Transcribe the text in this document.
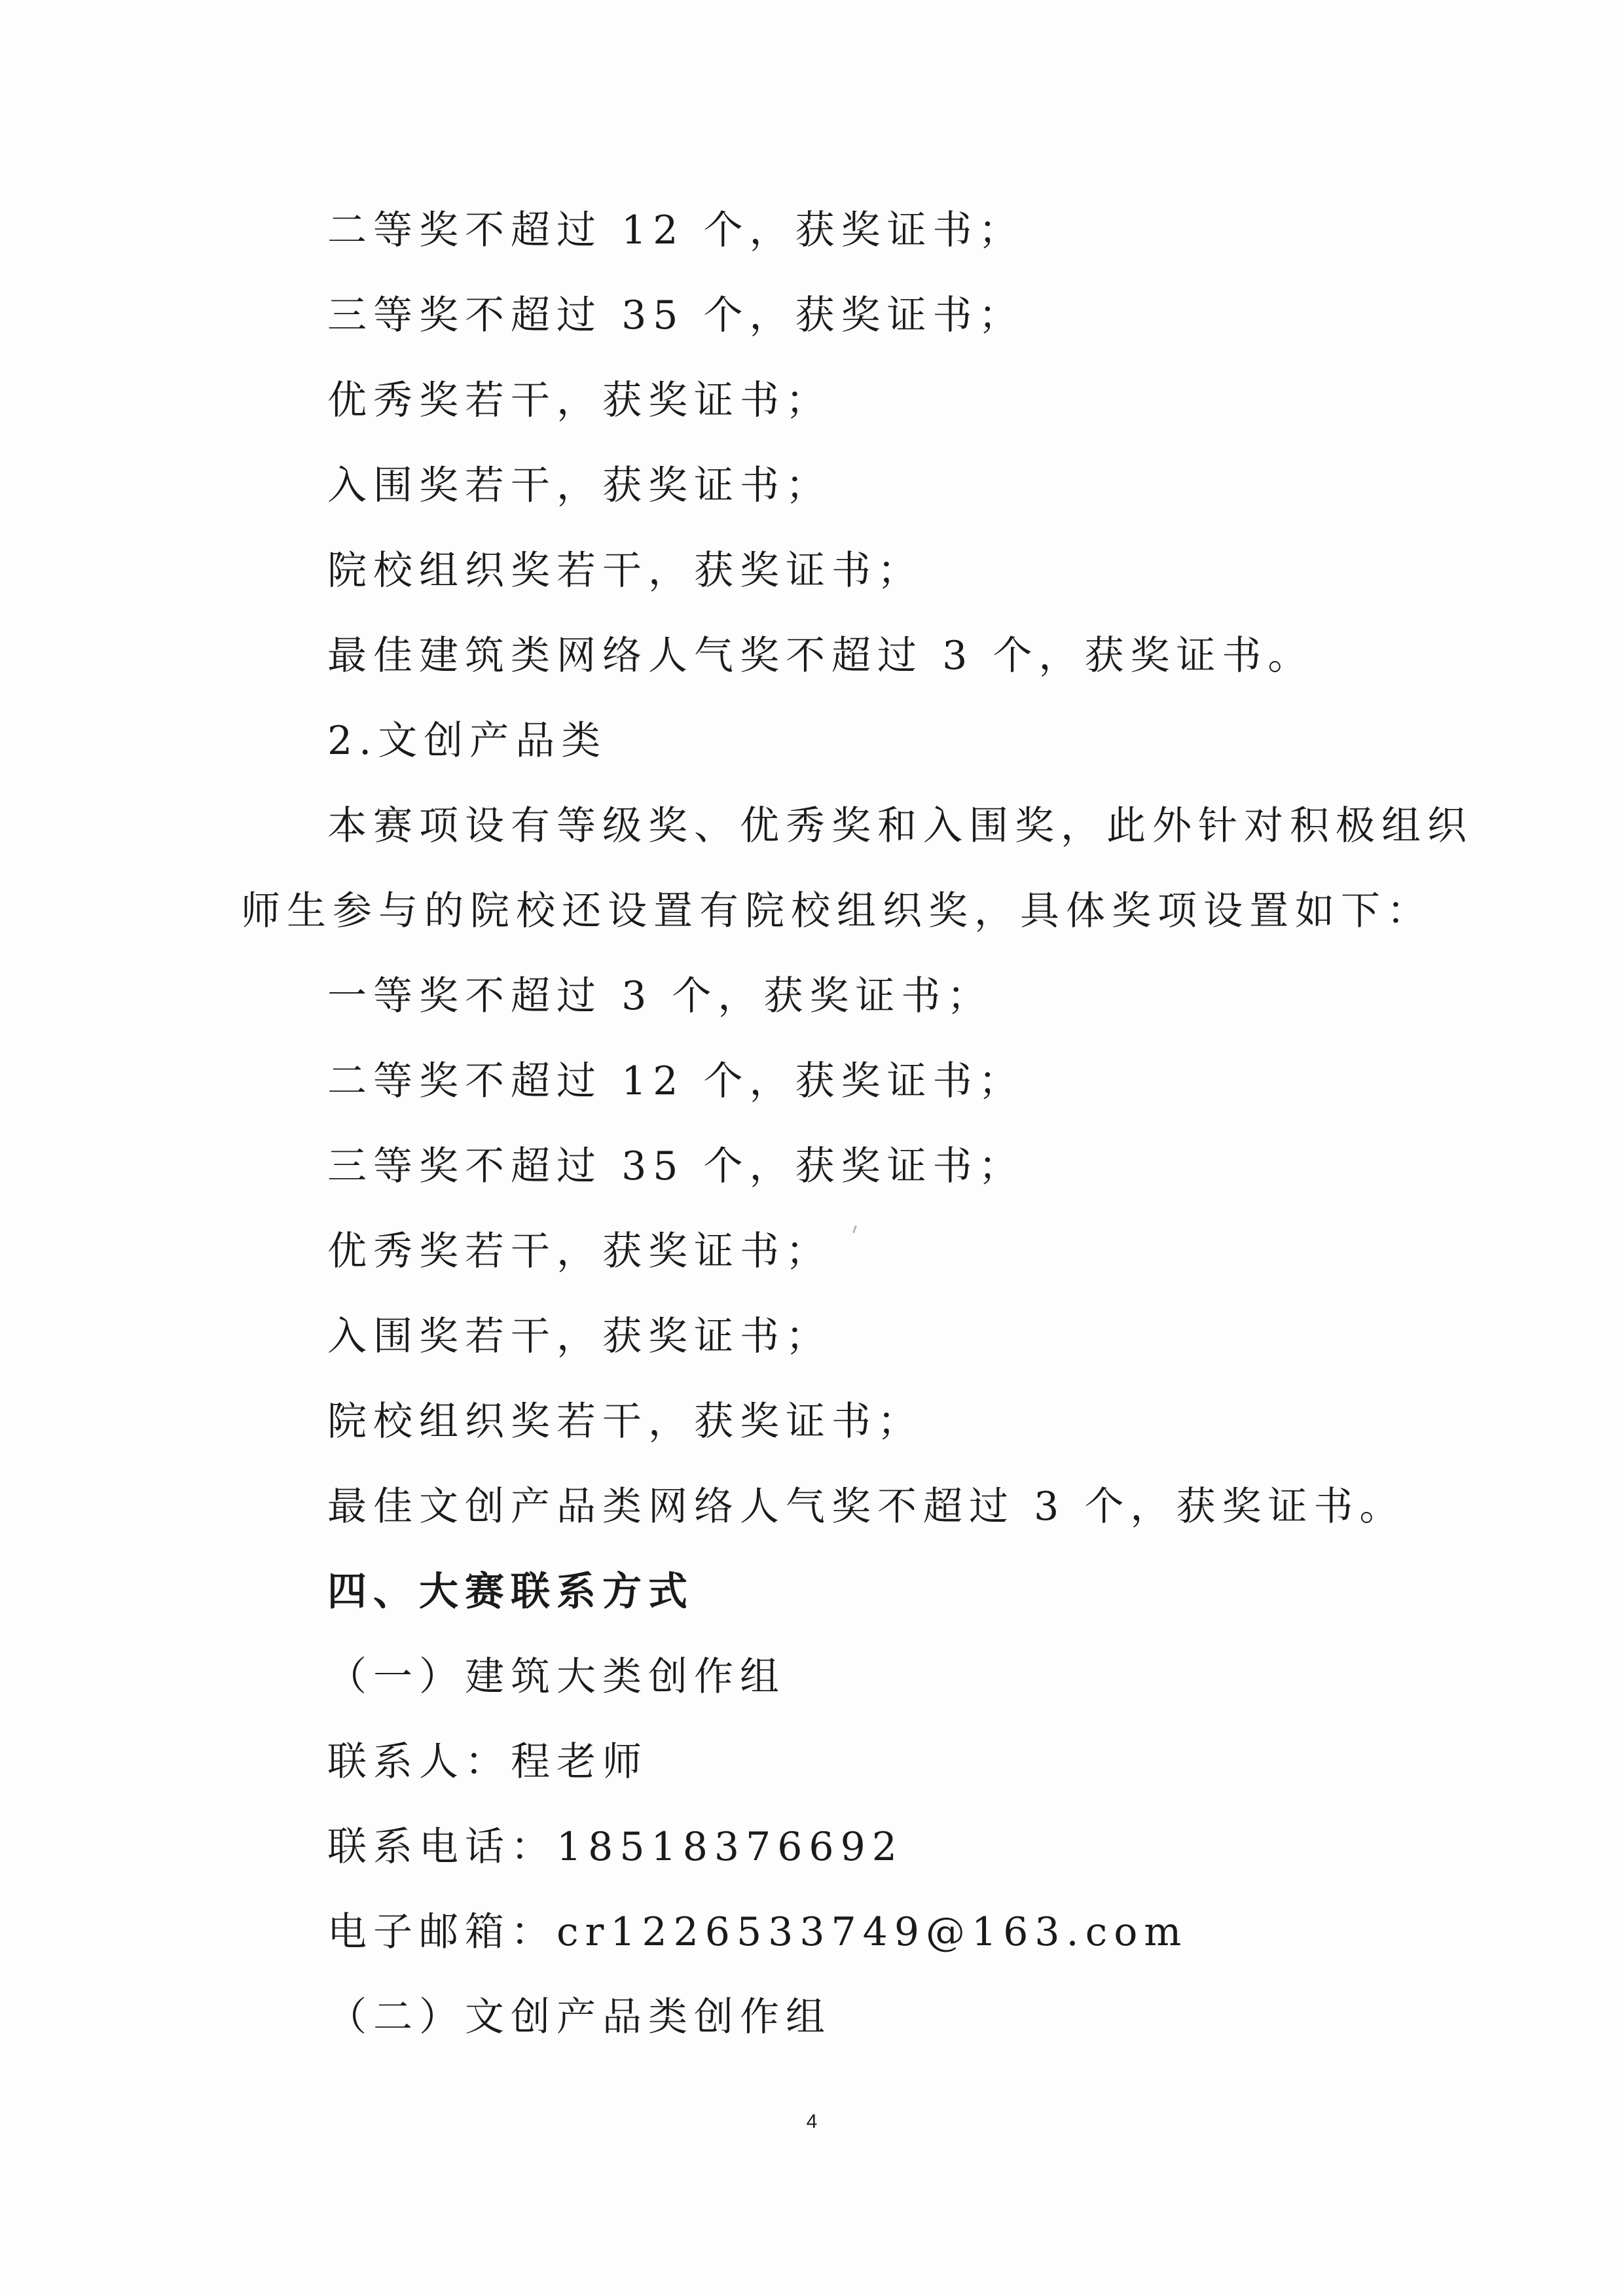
二等奖不超过 12 个，获奖证书；
三等奖不超过 35 个，获奖证书；
优秀奖若干，获奖证书；
入围奖若干，获奖证书；
院校组织奖若干，获奖证书；
最佳建筑类网络人气奖不超过 3 个，获奖证书。
2.文创产品类
本赛项设有等级奖、优秀奖和入围奖，此外针对积极组织
师生参与的院校还设置有院校组织奖，具体奖项设置如下：
一等奖不超过 3 个，获奖证书；
二等奖不超过 12 个，获奖证书；
三等奖不超过 35 个，获奖证书；
优秀奖若干，获奖证书；
入围奖若干，获奖证书；
院校组织奖若干，获奖证书；
最佳文创产品类网络人气奖不超过 3 个，获奖证书。
四、大赛联系方式
（一）建筑大类创作组
联系人：程老师
联系电话：18518376692
电子邮箱：cr1226533749@163.com
（二）文创产品类创作组
4
